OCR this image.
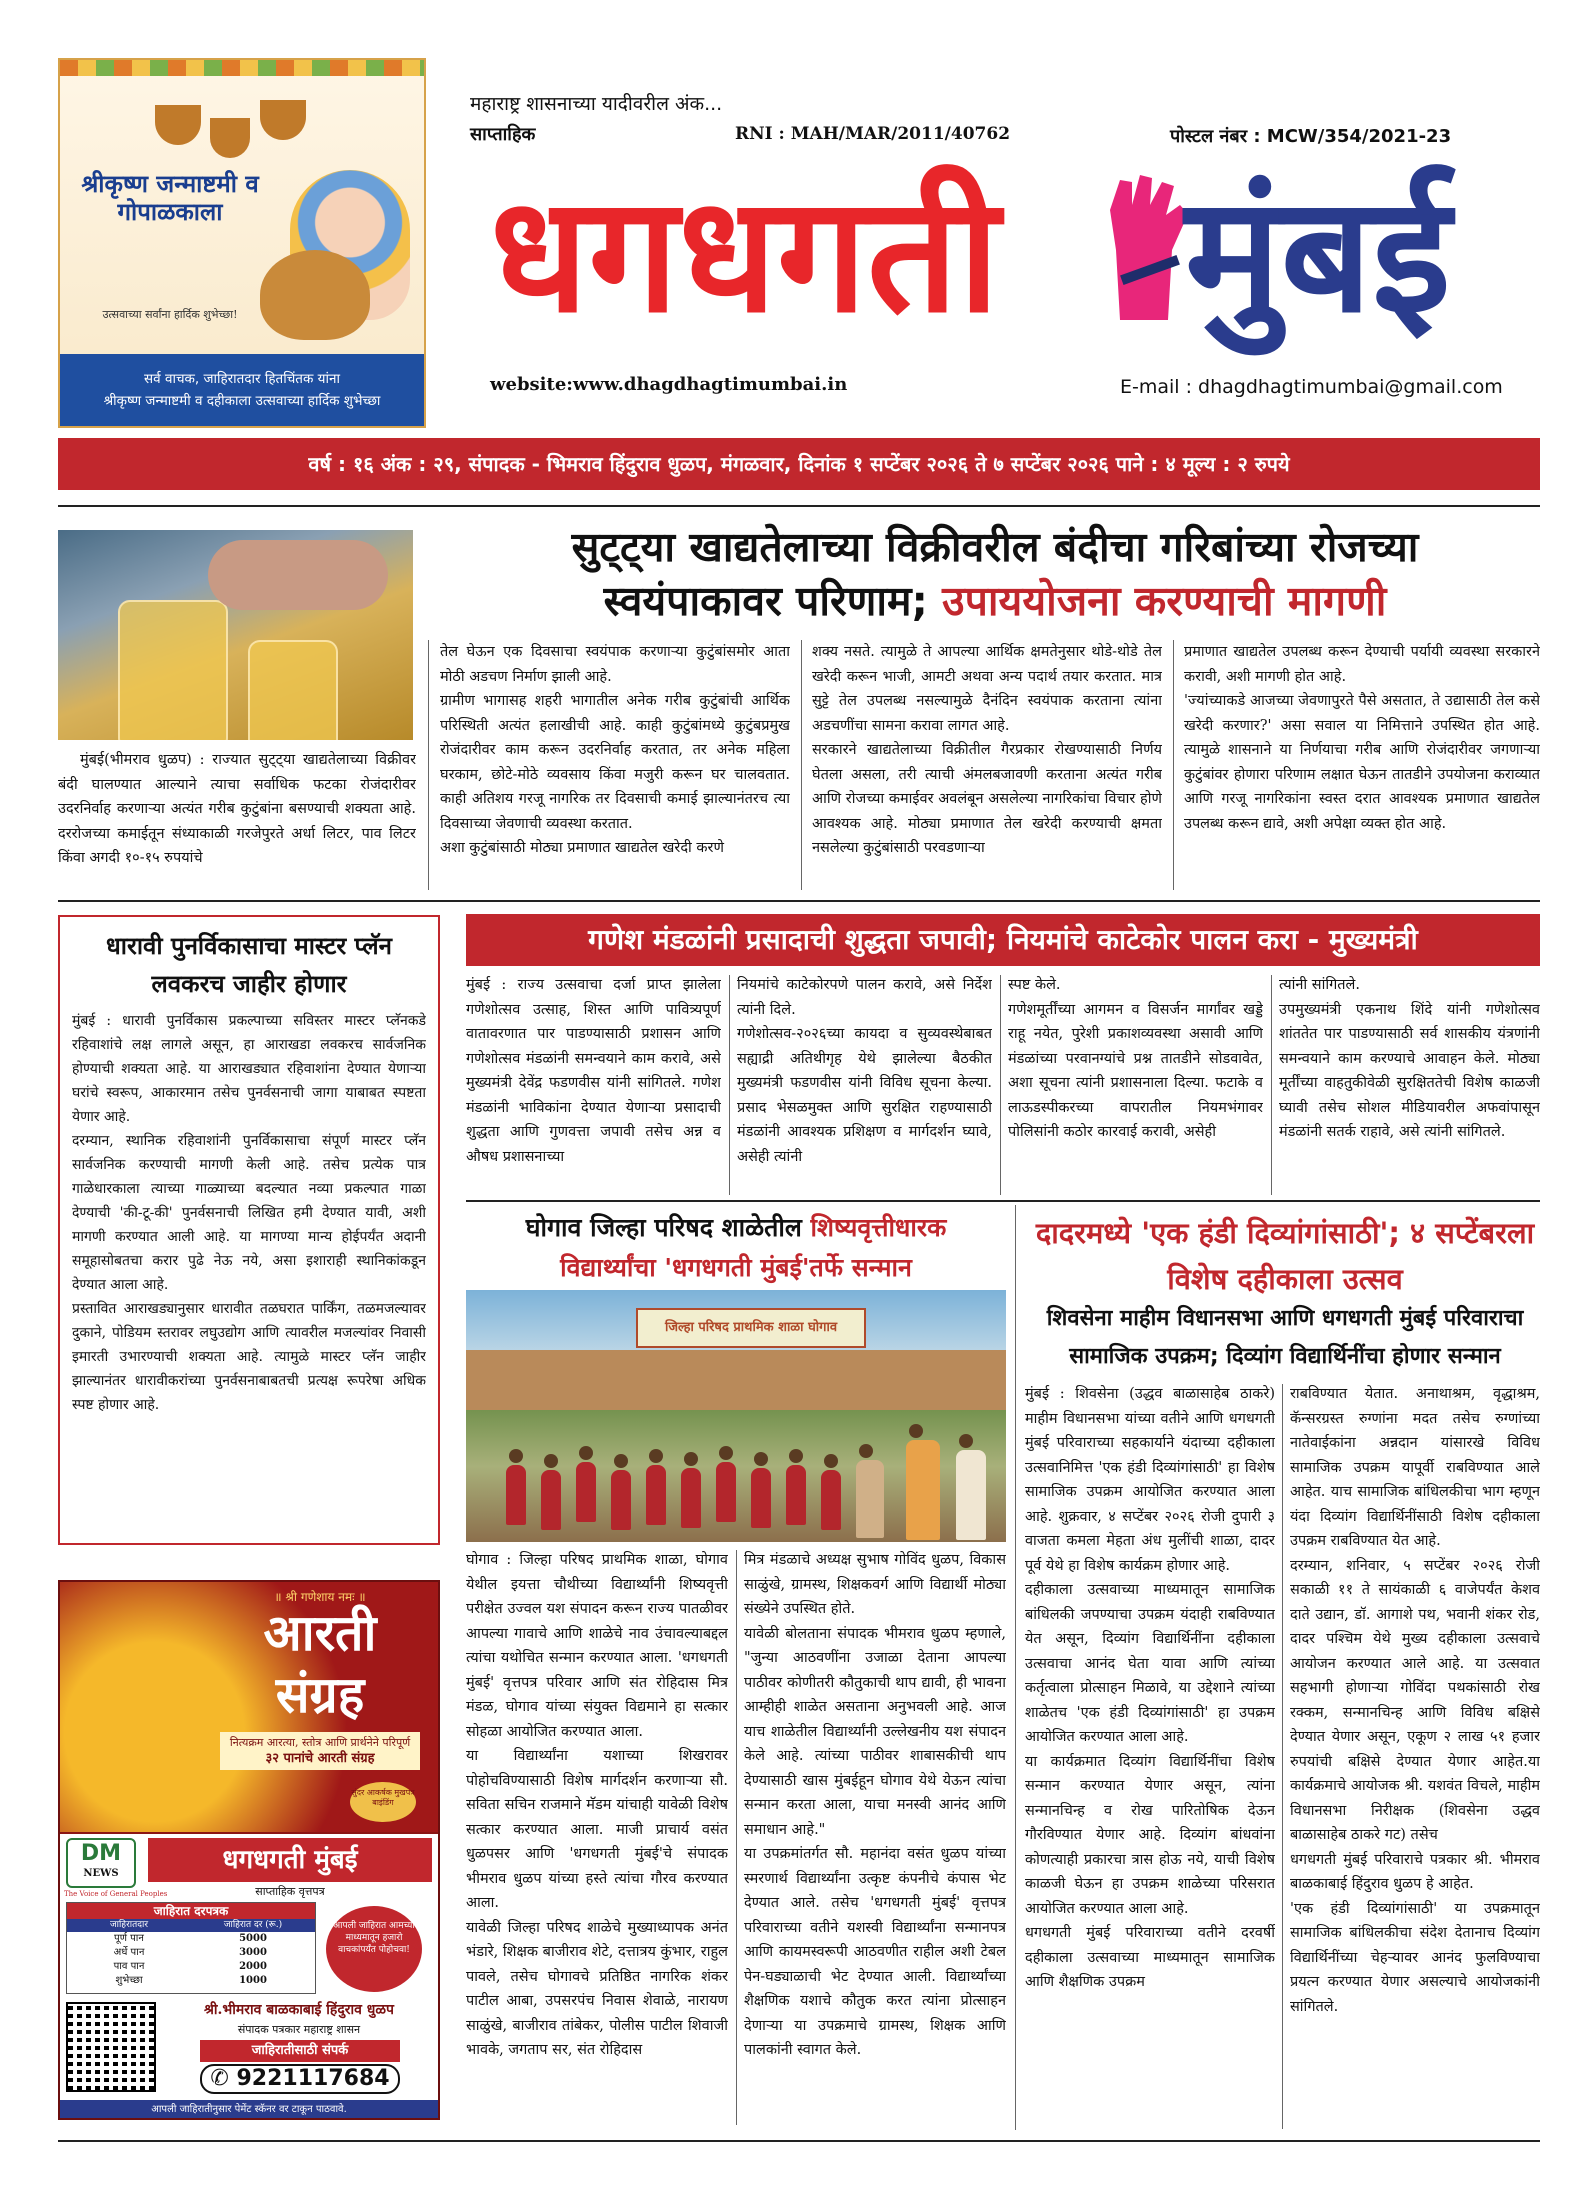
श्रीकृष्ण जन्माष्टमी व गोपाळकाला
उत्सवाच्या सर्वांना हार्दिक शुभेच्छा!
सर्व वाचक, जाहिरातदार हितचिंतक यांना
श्रीकृष्ण जन्माष्टमी व दहीकाला उत्सवाच्या हार्दिक शुभेच्छा
महाराष्ट्र शासनाच्या यादीवरील अंक...
साप्ताहिक	RNI : MAH/MAR/2011/40762	पोस्टल नंबर : MCW/354/2021-23
धगधगती मुंबई
website:www.dhagdhagtimumbai.in	E-mail : dhagdhagtimumbai@gmail.com
वर्ष : १६ अंक : २९, संपादक - भिमराव हिंदुराव धुळप, मंगळवार, दिनांक १ सप्टेंबर २०२६ ते ७ सप्टेंबर २०२६ पाने : ४ मूल्य : २ रुपये
सुट्ट्या खाद्यतेलाच्या विक्रीवरील बंदीचा गरिबांच्या रोजच्या
स्वयंपाकावर परिणाम; उपाययोजना करण्याची मागणी

मुंबई(भीमराव धुळप) : राज्यात सुट्ट्या खाद्यतेलाच्या विक्रीवर बंदी घालण्यात आल्याने त्याचा सर्वाधिक फटका रोजंदारीवर उदरनिर्वाह करणाऱ्या अत्यंत गरीब कुटुंबांना बसण्याची शक्यता आहे. दररोजच्या कमाईतून संध्याकाळी गरजेपुरते अर्धा लिटर, पाव लिटर किंवा अगदी १०-१५ रुपयांचे

तेल घेऊन एक दिवसाचा स्वयंपाक करणाऱ्या कुटुंबांसमोर आता मोठी अडचण निर्माण झाली आहे.
ग्रामीण भागासह शहरी भागातील अनेक गरीब कुटुंबांची आर्थिक परिस्थिती अत्यंत हलाखीची आहे. काही कुटुंबांमध्ये कुटुंबप्रमुख रोजंदारीवर काम करून उदरनिर्वाह करतात, तर अनेक महिला घरकाम, छोटे-मोठे व्यवसाय किंवा मजुरी करून घर चालवतात. काही अतिशय गरजू नागरिक तर दिवसाची कमाई झाल्यानंतरच त्या दिवसाच्या जेवणाची व्यवस्था करतात.
अशा कुटुंबांसाठी मोठ्या प्रमाणात खाद्यतेल खरेदी करणे
शक्य नसते. त्यामुळे ते आपल्या आर्थिक क्षमतेनुसार थोडे-थोडे तेल खरेदी करून भाजी, आमटी अथवा अन्य पदार्थ तयार करतात. मात्र सुट्टे तेल उपलब्ध नसल्यामुळे दैनंदिन स्वयंपाक करताना त्यांना अडचणींचा सामना करावा लागत आहे.
सरकारने खाद्यतेलाच्या विक्रीतील गैरप्रकार रोखण्यासाठी निर्णय घेतला असला, तरी त्याची अंमलबजावणी करताना अत्यंत गरीब आणि रोजच्या कमाईवर अवलंबून असलेल्या नागरिकांचा विचार होणे आवश्यक आहे. मोठ्या प्रमाणात तेल खरेदी करण्याची क्षमता नसलेल्या कुटुंबांसाठी परवडणाऱ्या
प्रमाणात खाद्यतेल उपलब्ध करून देण्याची पर्यायी व्यवस्था सरकारने करावी, अशी मागणी होत आहे.
'ज्यांच्याकडे आजच्या जेवणापुरते पैसे असतात, ते उद्यासाठी तेल कसे खरेदी करणार?' असा सवाल या निमित्ताने उपस्थित होत आहे. त्यामुळे शासनाने या निर्णयाचा गरीब आणि रोजंदारीवर जगणाऱ्या कुटुंबांवर होणारा परिणाम लक्षात घेऊन तातडीने उपयोजना कराव्यात आणि गरजू नागरिकांना स्वस्त दरात आवश्यक प्रमाणात खाद्यतेल उपलब्ध करून द्यावे, अशी अपेक्षा व्यक्त होत आहे.
धारावी पुनर्विकासाचा मास्टर प्लॅन लवकरच जाहीर होणार
मुंबई : धारावी पुनर्विकास प्रकल्पाच्या सविस्तर मास्टर प्लॅनकडे रहिवाशांचे लक्ष लागले असून, हा आराखडा लवकरच सार्वजनिक होण्याची शक्यता आहे. या आराखड्यात रहिवाशांना देण्यात येणाऱ्या घरांचे स्वरूप, आकारमान तसेच पुनर्वसनाची जागा याबाबत स्पष्टता येणार आहे.
दरम्यान, स्थानिक रहिवाशांनी पुनर्विकासाचा संपूर्ण मास्टर प्लॅन सार्वजनिक करण्याची मागणी केली आहे. तसेच प्रत्येक पात्र गाळेधारकाला त्याच्या गाळ्याच्या बदल्यात नव्या प्रकल्पात गाळा देण्याची 'की-टू-की' पुनर्वसनाची लिखित हमी देण्यात यावी, अशी मागणी करण्यात आली आहे. या मागण्या मान्य होईपर्यंत अदानी समूहासोबतचा करार पुढे नेऊ नये, असा इशाराही स्थानिकांकडून देण्यात आला आहे.
प्रस्तावित आराखड्यानुसार धारावीत तळघरात पार्किंग, तळमजल्यावर दुकाने, पोडियम स्तरावर लघुउद्योग आणि त्यावरील मजल्यांवर निवासी इमारती उभारण्याची शक्यता आहे. त्यामुळे मास्टर प्लॅन जाहीर झाल्यानंतर धारावीकरांच्या पुनर्वसनाबाबतची प्रत्यक्ष रूपरेषा अधिक स्पष्ट होणार आहे.
गणेश मंडळांनी प्रसादाची शुद्धता जपावी; नियमांचे काटेकोर पालन करा - मुख्यमंत्री
मुंबई : राज्य उत्सवाचा दर्जा प्राप्त झालेला गणेशोत्सव उत्साह, शिस्त आणि पावित्र्यपूर्ण वातावरणात पार पाडण्यासाठी प्रशासन आणि गणेशोत्सव मंडळांनी समन्वयाने काम करावे, असे मुख्यमंत्री देवेंद्र फडणवीस यांनी सांगितले. गणेश मंडळांनी भाविकांना देण्यात येणाऱ्या प्रसादाची शुद्धता आणि गुणवत्ता जपावी तसेच अन्न व औषध प्रशासनाच्या
नियमांचे काटेकोरपणे पालन करावे, असे निर्देश त्यांनी दिले.
गणेशोत्सव-२०२६च्या कायदा व सुव्यवस्थेबाबत सह्याद्री अतिथीगृह येथे झालेल्या बैठकीत मुख्यमंत्री फडणवीस यांनी विविध सूचना केल्या. प्रसाद भेसळमुक्त आणि सुरक्षित राहण्यासाठी मंडळांनी आवश्यक प्रशिक्षण व मार्गदर्शन घ्यावे, असेही त्यांनी
स्पष्ट केले.
गणेशमूर्तींच्या आगमन व विसर्जन मार्गांवर खड्डे राहू नयेत, पुरेशी प्रकाशव्यवस्था असावी आणि मंडळांच्या परवानग्यांचे प्रश्न तातडीने सोडवावेत, अशा सूचना त्यांनी प्रशासनाला दिल्या. फटाके व लाऊडस्पीकरच्या वापरातील नियमभंगावर पोलिसांनी कठोर कारवाई करावी, असेही
त्यांनी सांगितले.
उपमुख्यमंत्री एकनाथ शिंदे यांनी गणेशोत्सव शांततेत पार पाडण्यासाठी सर्व शासकीय यंत्रणांनी समन्वयाने काम करण्याचे आवाहन केले. मोठ्या मूर्तींच्या वाहतुकीवेळी सुरक्षिततेची विशेष काळजी घ्यावी तसेच सोशल मीडियावरील अफवांपासून मंडळांनी सतर्क राहावे, असे त्यांनी सांगितले.
घोगाव जिल्हा परिषद शाळेतील शिष्यवृत्तीधारक
विद्यार्थ्यांचा 'धगधगती मुंबई'तर्फे सन्मान
जिल्हा परिषद प्राथमिक शाळा घोगाव
घोगाव : जिल्हा परिषद प्राथमिक शाळा, घोगाव येथील इयत्ता चौथीच्या विद्यार्थ्यांनी शिष्यवृत्ती परीक्षेत उज्वल यश संपादन करून राज्य पातळीवर आपल्या गावाचे आणि शाळेचे नाव उंचावल्याबद्दल त्यांचा यथोचित सन्मान करण्यात आला. 'धगधगती मुंबई' वृत्तपत्र परिवार आणि संत रोहिदास मित्र मंडळ, घोगाव यांच्या संयुक्त विद्यमाने हा सत्कार सोहळा आयोजित करण्यात आला.
या विद्यार्थ्यांना यशाच्या शिखरावर पोहोचविण्यासाठी विशेष मार्गदर्शन करणाऱ्या सौ. सविता सचिन राजमाने मॅडम यांचाही यावेळी विशेष सत्कार करण्यात आला. माजी प्राचार्य वसंत धुळपसर आणि 'धगधगती मुंबई'चे संपादक भीमराव धुळप यांच्या हस्ते त्यांचा गौरव करण्यात आला.
यावेळी जिल्हा परिषद शाळेचे मुख्याध्यापक अनंत भंडारे, शिक्षक बाजीराव शेटे, दत्तात्रय कुंभार, राहुल पावले, तसेच घोगावचे प्रतिष्ठित नागरिक शंकर पाटील आबा, उपसरपंच निवास शेवाळे, नारायण साळुंखे, बाजीराव तांबेकर, पोलीस पाटील शिवाजी भावके, जगताप सर, संत रोहिदास
मित्र मंडळाचे अध्यक्ष सुभाष गोविंद धुळप, विकास साळुंखे, ग्रामस्थ, शिक्षकवर्ग आणि विद्यार्थी मोठ्या संख्येने उपस्थित होते.
यावेळी बोलताना संपादक भीमराव धुळप म्हणाले, "जुन्या आठवणींना उजाळा देताना आपल्या पाठीवर कोणीतरी कौतुकाची थाप द्यावी, ही भावना आम्हीही शाळेत असताना अनुभवली आहे. आज याच शाळेतील विद्यार्थ्यांनी उल्लेखनीय यश संपादन केले आहे. त्यांच्या पाठीवर शाबासकीची थाप देण्यासाठी खास मुंबईहून घोगाव येथे येऊन त्यांचा सन्मान करता आला, याचा मनस्वी आनंद आणि समाधान आहे."
या उपक्रमांतर्गत सौ. महानंदा वसंत धुळप यांच्या स्मरणार्थ विद्यार्थ्यांना उत्कृष्ट कंपनीचे कंपास भेट देण्यात आले. तसेच 'धगधगती मुंबई' वृत्तपत्र परिवाराच्या वतीने यशस्वी विद्यार्थ्यांना सन्मानपत्र आणि कायमस्वरूपी आठवणीत राहील अशी टेबल पेन-घड्याळाची भेट देण्यात आली. विद्यार्थ्यांच्या शैक्षणिक यशाचे कौतुक करत त्यांना प्रोत्साहन देणाऱ्या या उपक्रमाचे ग्रामस्थ, शिक्षक आणि पालकांनी स्वागत केले.
दादरमध्ये 'एक हंडी दिव्यांगांसाठी'; ४ सप्टेंबरला विशेष दहीकाला उत्सव
शिवसेना माहीम विधानसभा आणि धगधगती मुंबई परिवाराचा सामाजिक उपक्रम; दिव्यांग विद्यार्थिनींचा होणार सन्मान
मुंबई : शिवसेना (उद्धव बाळासाहेब ठाकरे) माहीम विधानसभा यांच्या वतीने आणि धगधगती मुंबई परिवाराच्या सहकार्याने यंदाच्या दहीकाला उत्सवानिमित्त 'एक हंडी दिव्यांगांसाठी' हा विशेष सामाजिक उपक्रम आयोजित करण्यात आला आहे. शुक्रवार, ४ सप्टेंबर २०२६ रोजी दुपारी ३ वाजता कमला मेहता अंध मुलींची शाळा, दादर पूर्व येथे हा विशेष कार्यक्रम होणार आहे.
दहीकाला उत्सवाच्या माध्यमातून सामाजिक बांधिलकी जपण्याचा उपक्रम यंदाही राबविण्यात येत असून, दिव्यांग विद्यार्थिनींना दहीकाला उत्सवाचा आनंद घेता यावा आणि त्यांच्या कर्तृत्वाला प्रोत्साहन मिळावे, या उद्देशाने त्यांच्या शाळेतच 'एक हंडी दिव्यांगांसाठी' हा उपक्रम आयोजित करण्यात आला आहे.
या कार्यक्रमात दिव्यांग विद्यार्थिनींचा विशेष सन्मान करण्यात येणार असून, त्यांना सन्मानचिन्ह व रोख पारितोषिक देऊन गौरविण्यात येणार आहे. दिव्यांग बांधवांना कोणत्याही प्रकारचा त्रास होऊ नये, याची विशेष काळजी घेऊन हा उपक्रम शाळेच्या परिसरात आयोजित करण्यात आला आहे.
धगधगती मुंबई परिवाराच्या वतीने दरवर्षी दहीकाला उत्सवाच्या माध्यमातून सामाजिक आणि शैक्षणिक उपक्रम
राबविण्यात येतात. अनाथाश्रम, वृद्धाश्रम, कॅन्सरग्रस्त रुग्णांना मदत तसेच रुग्णांच्या नातेवाईकांना अन्नदान यांसारखे विविध सामाजिक उपक्रम यापूर्वी राबविण्यात आले आहेत. याच सामाजिक बांधिलकीचा भाग म्हणून यंदा दिव्यांग विद्यार्थिनींसाठी विशेष दहीकाला उपक्रम राबविण्यात येत आहे.
दरम्यान, शनिवार, ५ सप्टेंबर २०२६ रोजी सकाळी ११ ते सायंकाळी ६ वाजेपर्यंत केशव दाते उद्यान, डॉ. आगाशे पथ, भवानी शंकर रोड, दादर पश्चिम येथे मुख्य दहीकाला उत्सवाचे आयोजन करण्यात आले आहे. या उत्सवात सहभागी होणाऱ्या गोविंदा पथकांसाठी रोख रक्कम, सन्मानचिन्ह आणि विविध बक्षिसे देण्यात येणार असून, एकूण २ लाख ५१ हजार रुपयांची बक्षिसे देण्यात येणार आहेत.या कार्यक्रमाचे आयोजक श्री. यशवंत विचले, माहीम विधानसभा निरीक्षक (शिवसेना उद्धव बाळासाहेब ठाकरे गट) तसेच
धगधगती मुंबई परिवाराचे पत्रकार श्री. भीमराव बाळकाबाई हिंदुराव धुळप हे आहेत.
'एक हंडी दिव्यांगांसाठी' या उपक्रमातून सामाजिक बांधिलकीचा संदेश देतानाच दिव्यांग विद्यार्थिनींच्या चेहऱ्यावर आनंद फुलविण्याचा प्रयत्न करण्यात येणार असल्याचे आयोजकांनी सांगितले.
॥ श्री गणेशाय नमः ॥
आरती
संग्रह
नित्यक्रम आरत्या, स्तोत्र आणि प्रार्थनेने परिपूर्ण
३२ पानांचे आरती संग्रह
सुंदर आकर्षक मुखपत्र बाइंडिंग
DM
NEWS
The Voice of General Peoples
धगधगती मुंबई
साप्ताहिक वृत्तपत्र
जाहिरात दरपत्रक
जाहिरातदार	जाहिरात दर (रू.)
पूर्ण पान	5000
अर्धे पान	3000
पाव पान	2000
शुभेच्छा	1000
आपली जाहिरात आमच्या माध्यमातून हजारो वाचकांपर्यंत पोहोचवा!
श्री.भीमराव बाळकाबाई हिंदुराव धुळप
संपादक पत्रकार महाराष्ट्र शासन
जाहिरातीसाठी संपर्क
✆ 9221117684
आपली जाहिरातीनुसार पेमेंट स्कॅनर वर टाकून पाठवावे.
